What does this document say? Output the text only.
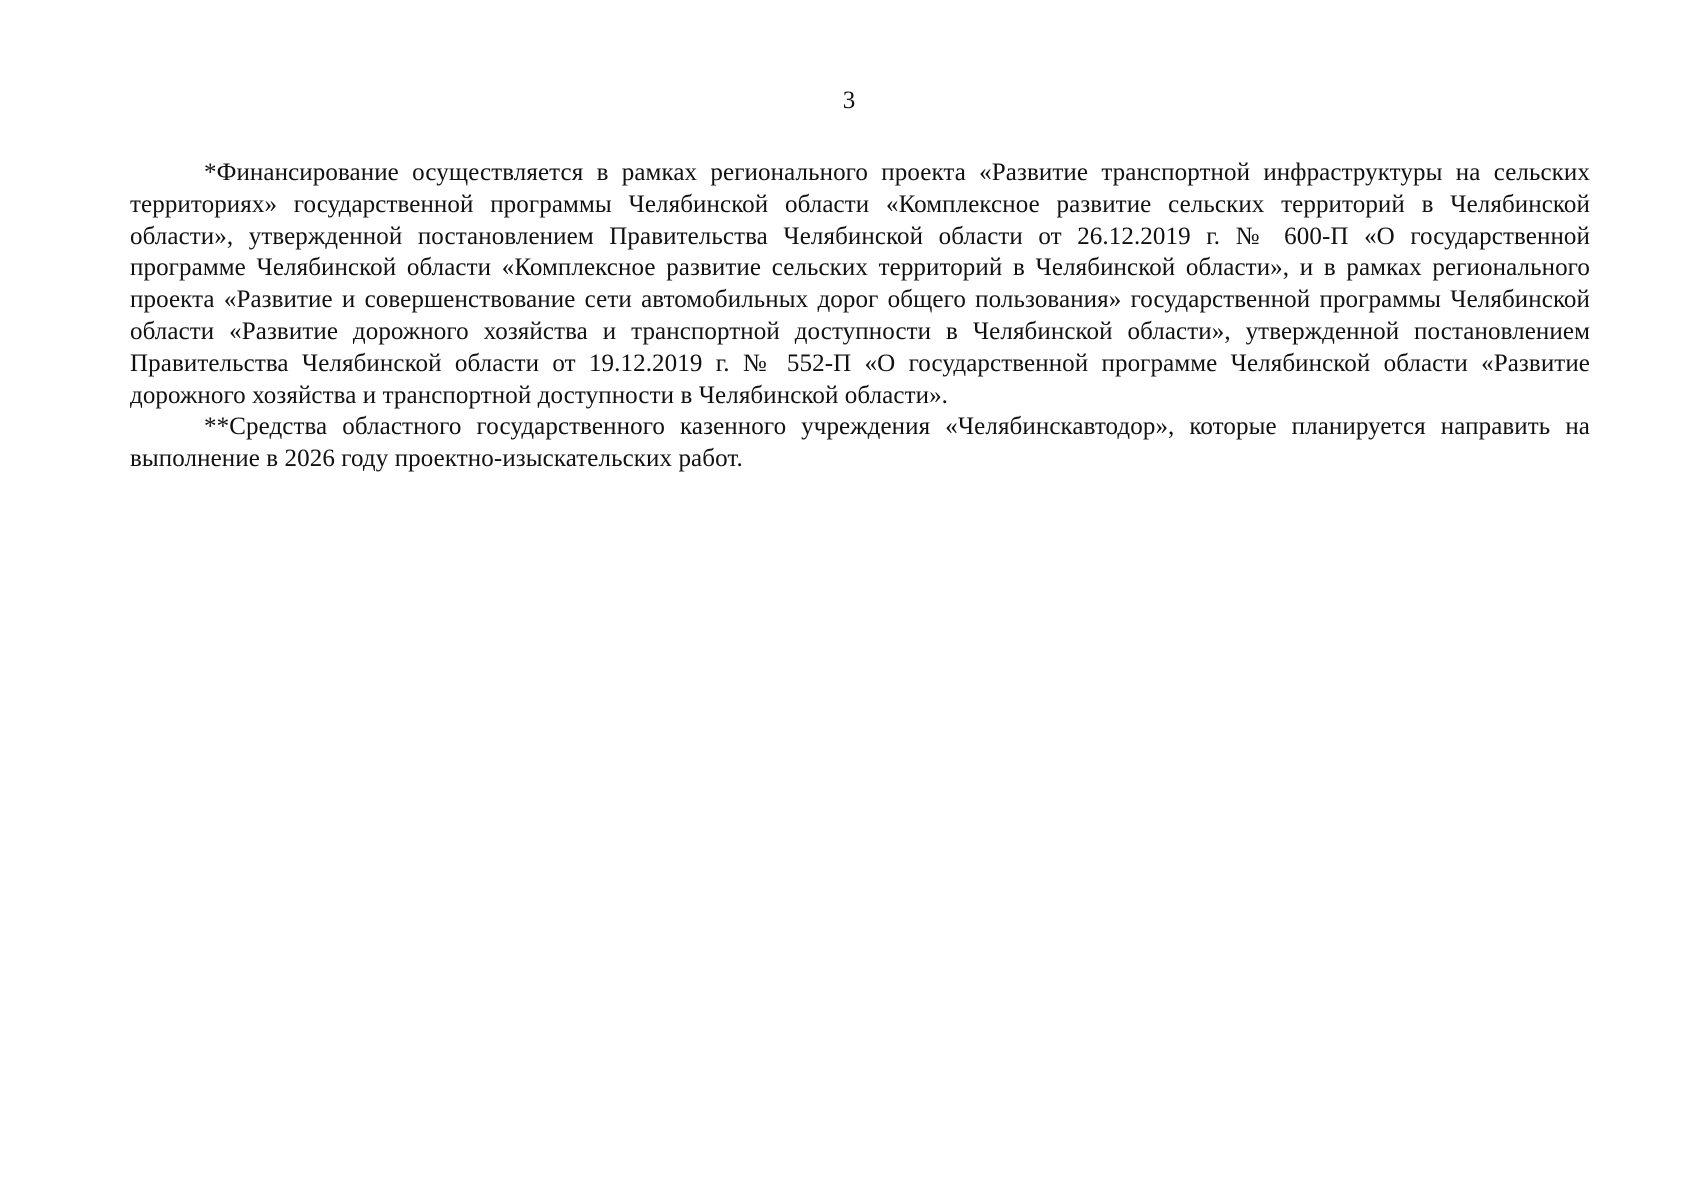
3

*Финансирование осуществляется в рамках регионального проекта «Развитие транспортной инфраструктуры на сельских территориях» государственной программы Челябинской области «Комплексное развитие сельских территорий в Челябинской области», утвержденной постановлением Правительства Челябинской области от 26.12.2019 г. № 600-П «О государственной программе Челябинской области «Комплексное развитие сельских территорий в Челябинской области», и в рамках регионального проекта «Развитие и совершенствование сети автомобильных дорог общего пользования» государственной программы Челябинской области «Развитие дорожного хозяйства и транспортной доступности в Челябинской области», утвержденной постановлением Правительства Челябинской области от 19.12.2019 г. № 552-П «О государственной программе Челябинской области «Развитие дорожного хозяйства и транспортной доступности в Челябинской области».

**Средства областного государственного казенного учреждения «Челябинскавтодор», которые планируется направить на выполнение в 2026 году проектно-изыскательских работ.
